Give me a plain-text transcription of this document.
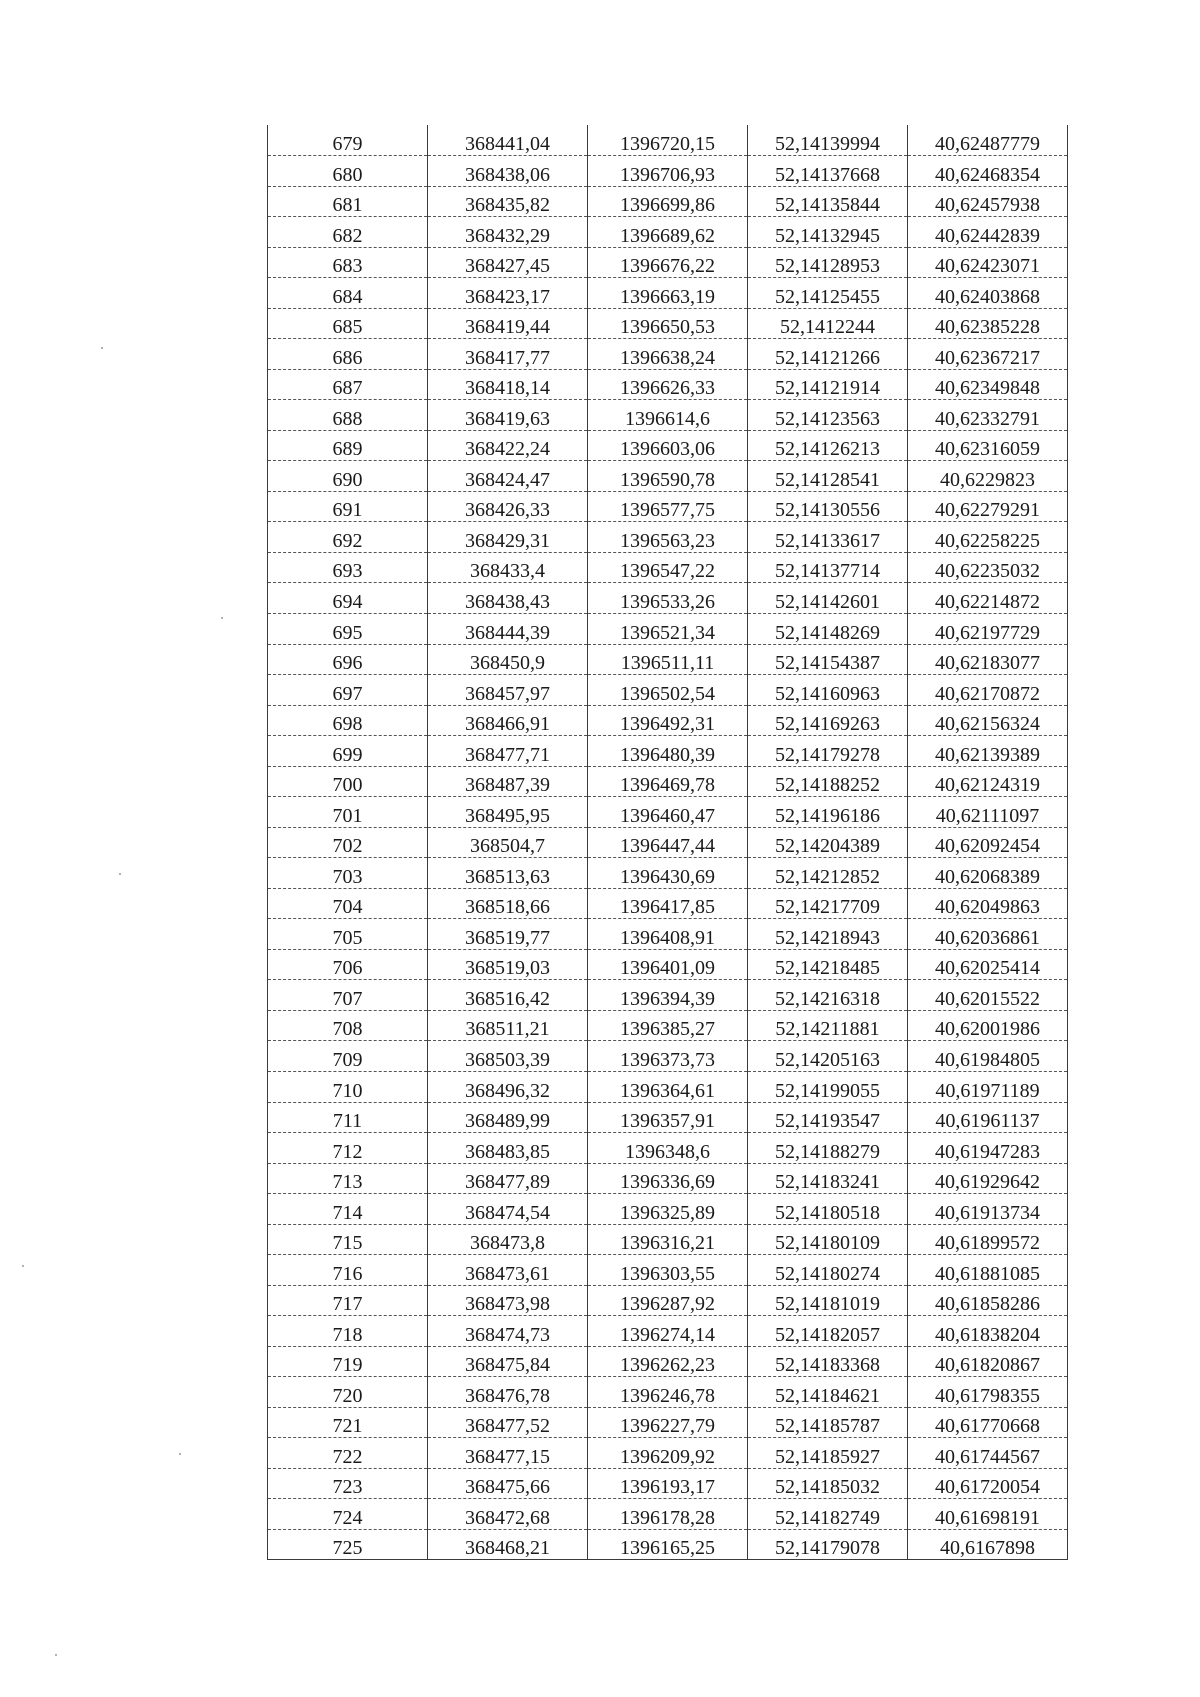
679	368441,04	1396720,15	52,14139994	40,62487779
680	368438,06	1396706,93	52,14137668	40,62468354
681	368435,82	1396699,86	52,14135844	40,62457938
682	368432,29	1396689,62	52,14132945	40,62442839
683	368427,45	1396676,22	52,14128953	40,62423071
684	368423,17	1396663,19	52,14125455	40,62403868
685	368419,44	1396650,53	52,1412244	40,62385228
686	368417,77	1396638,24	52,14121266	40,62367217
687	368418,14	1396626,33	52,14121914	40,62349848
688	368419,63	1396614,6	52,14123563	40,62332791
689	368422,24	1396603,06	52,14126213	40,62316059
690	368424,47	1396590,78	52,14128541	40,6229823
691	368426,33	1396577,75	52,14130556	40,62279291
692	368429,31	1396563,23	52,14133617	40,62258225
693	368433,4	1396547,22	52,14137714	40,62235032
694	368438,43	1396533,26	52,14142601	40,62214872
695	368444,39	1396521,34	52,14148269	40,62197729
696	368450,9	1396511,11	52,14154387	40,62183077
697	368457,97	1396502,54	52,14160963	40,62170872
698	368466,91	1396492,31	52,14169263	40,62156324
699	368477,71	1396480,39	52,14179278	40,62139389
700	368487,39	1396469,78	52,14188252	40,62124319
701	368495,95	1396460,47	52,14196186	40,62111097
702	368504,7	1396447,44	52,14204389	40,62092454
703	368513,63	1396430,69	52,14212852	40,62068389
704	368518,66	1396417,85	52,14217709	40,62049863
705	368519,77	1396408,91	52,14218943	40,62036861
706	368519,03	1396401,09	52,14218485	40,62025414
707	368516,42	1396394,39	52,14216318	40,62015522
708	368511,21	1396385,27	52,14211881	40,62001986
709	368503,39	1396373,73	52,14205163	40,61984805
710	368496,32	1396364,61	52,14199055	40,61971189
711	368489,99	1396357,91	52,14193547	40,61961137
712	368483,85	1396348,6	52,14188279	40,61947283
713	368477,89	1396336,69	52,14183241	40,61929642
714	368474,54	1396325,89	52,14180518	40,61913734
715	368473,8	1396316,21	52,14180109	40,61899572
716	368473,61	1396303,55	52,14180274	40,61881085
717	368473,98	1396287,92	52,14181019	40,61858286
718	368474,73	1396274,14	52,14182057	40,61838204
719	368475,84	1396262,23	52,14183368	40,61820867
720	368476,78	1396246,78	52,14184621	40,61798355
721	368477,52	1396227,79	52,14185787	40,61770668
722	368477,15	1396209,92	52,14185927	40,61744567
723	368475,66	1396193,17	52,14185032	40,61720054
724	368472,68	1396178,28	52,14182749	40,61698191
725	368468,21	1396165,25	52,14179078	40,6167898
